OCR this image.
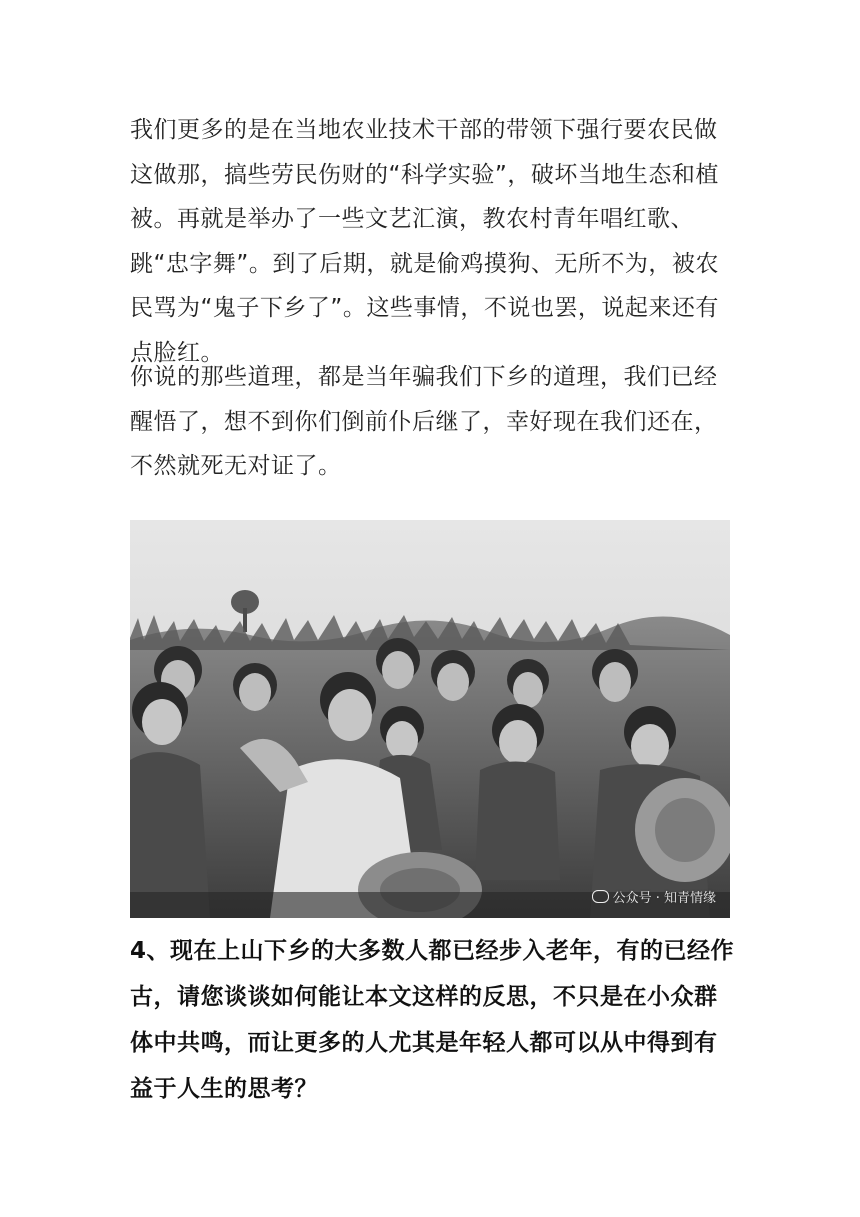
我们更多的是在当地农业技术干部的带领下强行要农民做这做那，搞些劳民伤财的“科学实验”，破坏当地生态和植被。再就是举办了一些文艺汇演，教农村青年唱红歌、跳“忠字舞”。到了后期，就是偷鸡摸狗、无所不为，被农民骂为“鬼子下乡了”。这些事情，不说也罢，说起来还有点脸红。

你说的那些道理，都是当年骗我们下乡的道理，我们已经醒悟了，想不到你们倒前仆后继了，幸好现在我们还在，不然就死无对证了。

公众号 · 知青情缘

4、现在上山下乡的大多数人都已经步入老年，有的已经作古，请您谈谈如何能让本文这样的反思，不只是在小众群体中共鸣，而让更多的人尤其是年轻人都可以从中得到有益于人生的思考？
